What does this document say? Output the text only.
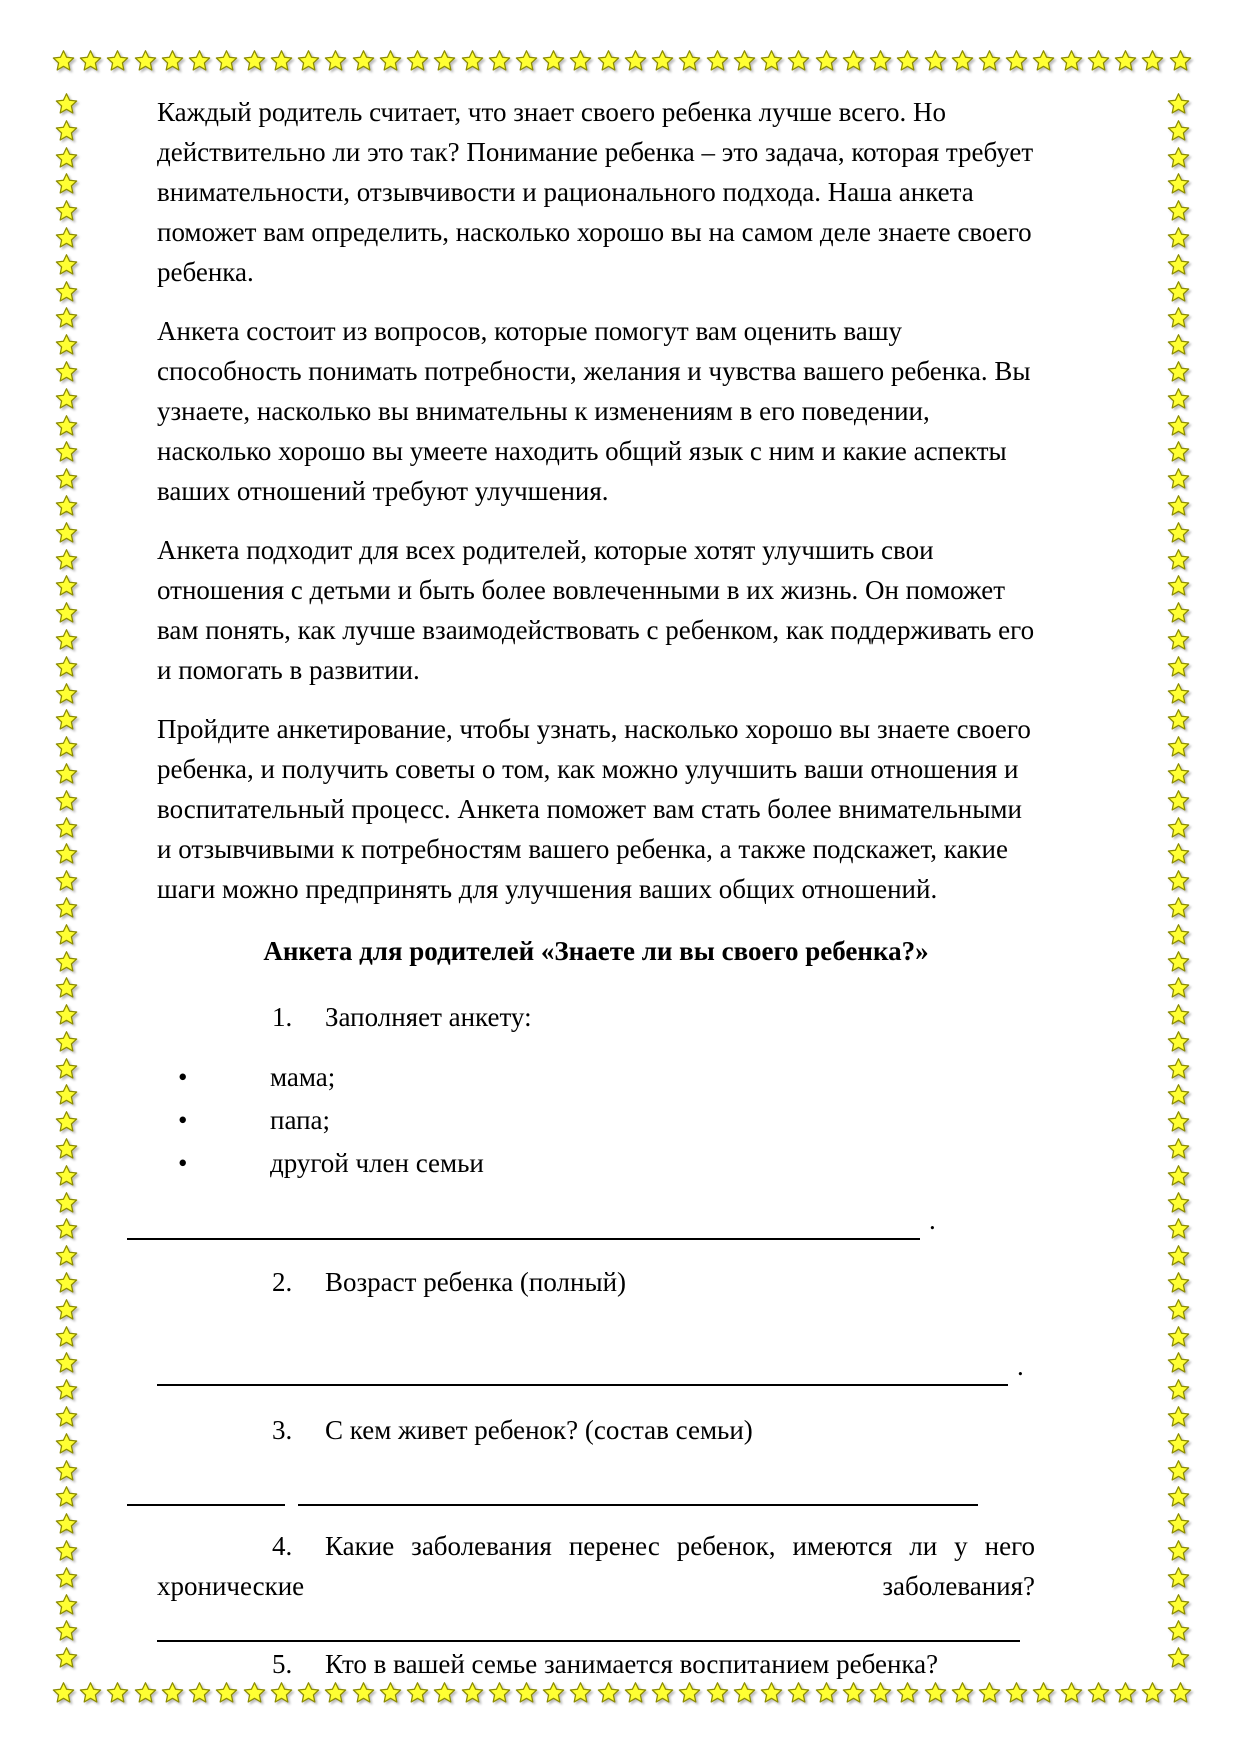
Каждый родитель считает, что знает своего ребенка лучше всего. Но действительно ли это так? Понимание ребенка – это задача, которая требует внимательности, отзывчивости и рационального подхода. Наша анкета поможет вам определить, насколько хорошо вы на самом деле знаете своего ребенка.

Анкета состоит из вопросов, которые помогут вам оценить вашу способность понимать потребности, желания и чувства вашего ребенка. Вы узнаете, насколько вы внимательны к изменениям в его поведении, насколько хорошо вы умеете находить общий язык с ним и какие аспекты ваших отношений требуют улучшения.

Анкета подходит для всех родителей, которые хотят улучшить свои отношения с детьми и быть более вовлеченными в их жизнь. Он поможет вам понять, как лучше взаимодействовать с ребенком, как поддерживать его и помогать в развитии.

Пройдите анкетирование, чтобы узнать, насколько хорошо вы знаете своего ребенка, и получить советы о том, как можно улучшить ваши отношения и воспитательный процесс. Анкета поможет вам стать более внимательными и отзывчивыми к потребностям вашего ребенка, а также подскажет, какие шаги можно предпринять для улучшения ваших общих отношений.

Анкета для родителей «Знаете ли вы своего ребенка?»
1. Заполняет анкету:
•	мама;
•	папа;
•	другой член семьи
.
2. Возраст ребенка (полный)
.
3. С кем живет ребенок? (состав семьи)
4. Какие заболевания перенес ребенок, имеются ли у него
хронические	заболевания?
5. Кто в вашей семье занимается воспитанием ребенка?
